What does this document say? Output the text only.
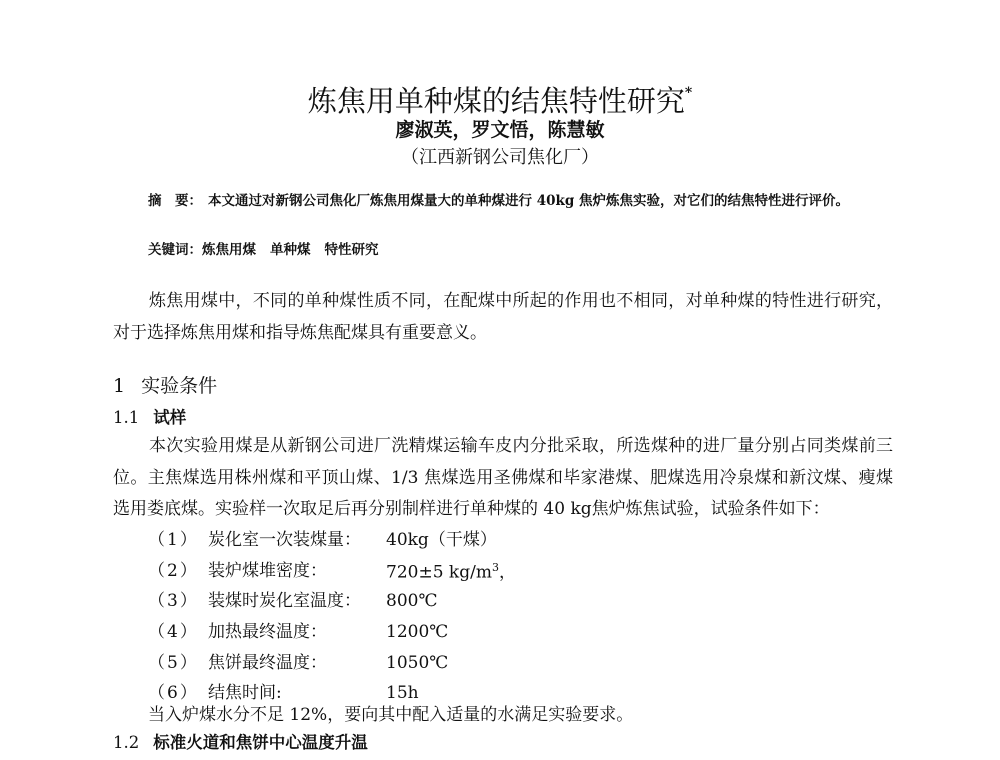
炼焦用单种煤的结焦特性研究*
廖淑英，罗文悟，陈慧敏
（江西新钢公司焦化厂）
摘　要： 本文通过对新钢公司焦化厂炼焦用煤量大的单种煤进行 40kg 焦炉炼焦实验，对它们的结焦特性进行评价。
关键词：炼焦用煤 单种煤 特性研究
炼焦用煤中，不同的单种煤性质不同，在配煤中所起的作用也不相同，对单种煤的特性进行研究，对于选择炼焦用煤和指导炼焦配煤具有重要意义。
1 实验条件
1.1 试样
本次实验用煤是从新钢公司进厂洗精煤运输车皮内分批采取，所选煤种的进厂量分别占同类煤前三位。主焦煤选用株州煤和平顶山煤、1/3 焦煤选用圣佛煤和毕家港煤、肥煤选用冷泉煤和新汶煤、瘦煤选用娄底煤。实验样一次取足后再分别制样进行单种煤的 40 kg焦炉炼焦试验，试验条件如下：
（1） 炭化室一次装煤量：	40kg（干煤）
（2） 装炉煤堆密度：	720±5 $kg/m^3$，
（3） 装煤时炭化室温度：	800℃
（4） 加热最终温度：	1200℃
（5） 焦饼最终温度：	1050℃
（6） 结焦时间:	15h
当入炉煤水分不足 12%，要向其中配入适量的水满足实验要求。
1.2 标准火道和焦饼中心温度升温
